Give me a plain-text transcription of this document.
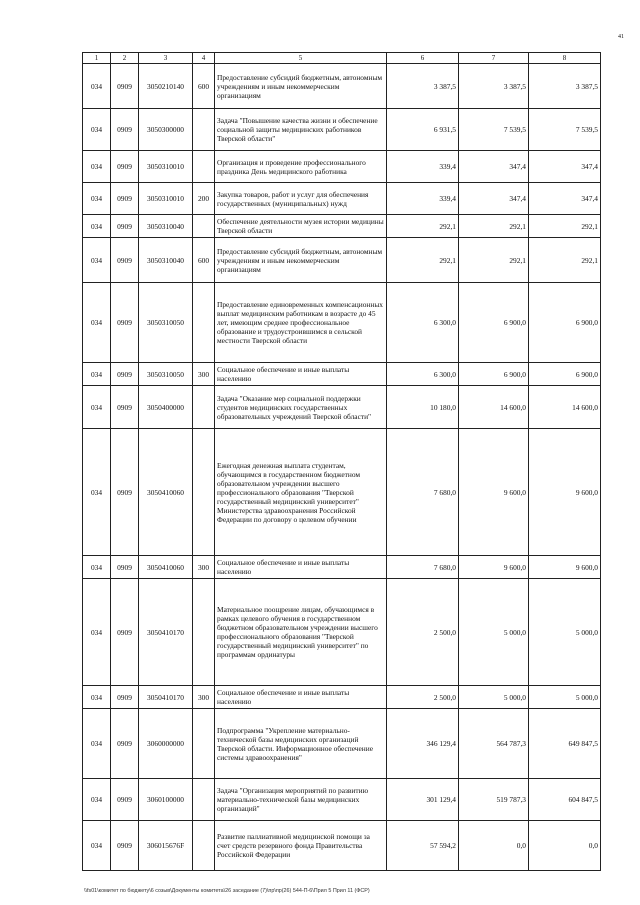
41
1	2	3	4	5	6	7	8
034	0909	3050210140	600	Предоставление субсидий бюджетным, автономным учреждениям и иным некоммерческим организациям	3 387,5	3 387,5	3 387,5
034	0909	3050300000		Задача "Повышение качества жизни и обеспечение социальной защиты медицинских работников Тверской области"	6 931,5	7 539,5	7 539,5
034	0909	3050310010		Организация и проведение профессионального праздника День медицинского работника	339,4	347,4	347,4
034	0909	3050310010	200	Закупка товаров, работ и услуг для обеспечения государственных (муниципальных) нужд	339,4	347,4	347,4
034	0909	3050310040		Обеспечение деятельности музея истории медицины Тверской области	292,1	292,1	292,1
034	0909	3050310040	600	Предоставление субсидий бюджетным, автономным учреждениям и иным некоммерческим организациям	292,1	292,1	292,1
034	0909	3050310050		Предоставление единовременных компенсационных выплат медицинским работникам в возрасте до 45 лет, имеющим среднее профессиональное образование и трудоустроившимся в сельской местности Тверской области	6 300,0	6 900,0	6 900,0
034	0909	3050310050	300	Социальное обеспечение и иные выплаты населению	6 300,0	6 900,0	6 900,0
034	0909	3050400000		Задача "Оказание мер социальной поддержки студентов медицинских государственных образовательных учреждений Тверской области"	10 180,0	14 600,0	14 600,0
034	0909	3050410060		Ежегодная денежная выплата студентам, обучающимся в государственном бюджетном образовательном учреждении высшего профессионального образования "Тверской государственный медицинский университет" Министерства здравоохранения Российской Федерации по договору о целевом обучении	7 680,0	9 600,0	9 600,0
034	0909	3050410060	300	Социальное обеспечение и иные выплаты населению	7 680,0	9 600,0	9 600,0
034	0909	3050410170		Материальное поощрение лицам, обучающимся в рамках целевого обучения в государственном бюджетном образовательном учреждении высшего профессионального образования "Тверской государственный медицинский университет" по программам ординатуры	2 500,0	5 000,0	5 000,0
034	0909	3050410170	300	Социальное обеспечение и иные выплаты населению	2 500,0	5 000,0	5 000,0
034	0909	3060000000		Подпрограмма "Укрепление материально-технической базы медицинских организаций Тверской области. Информационное обеспечение системы здравоохранения"	346 129,4	564 787,3	649 847,5
034	0909	3060100000		Задача "Организация мероприятий по развитию материально-технической базы медицинских организаций"	301 129,4	519 787,3	604 847,5
034	0909	306015676F		Развитие паллиативной медицинской помощи за счет средств резервного фонда Правительства Российской Федерации	57 594,2	0,0	0,0
\\fs01\комитет по бюджету\6 созыв\Документы комитета\26 заседание (7)\пр\пр(26) 544-П-6\Прил 5 Прил 11 (ФСР)
